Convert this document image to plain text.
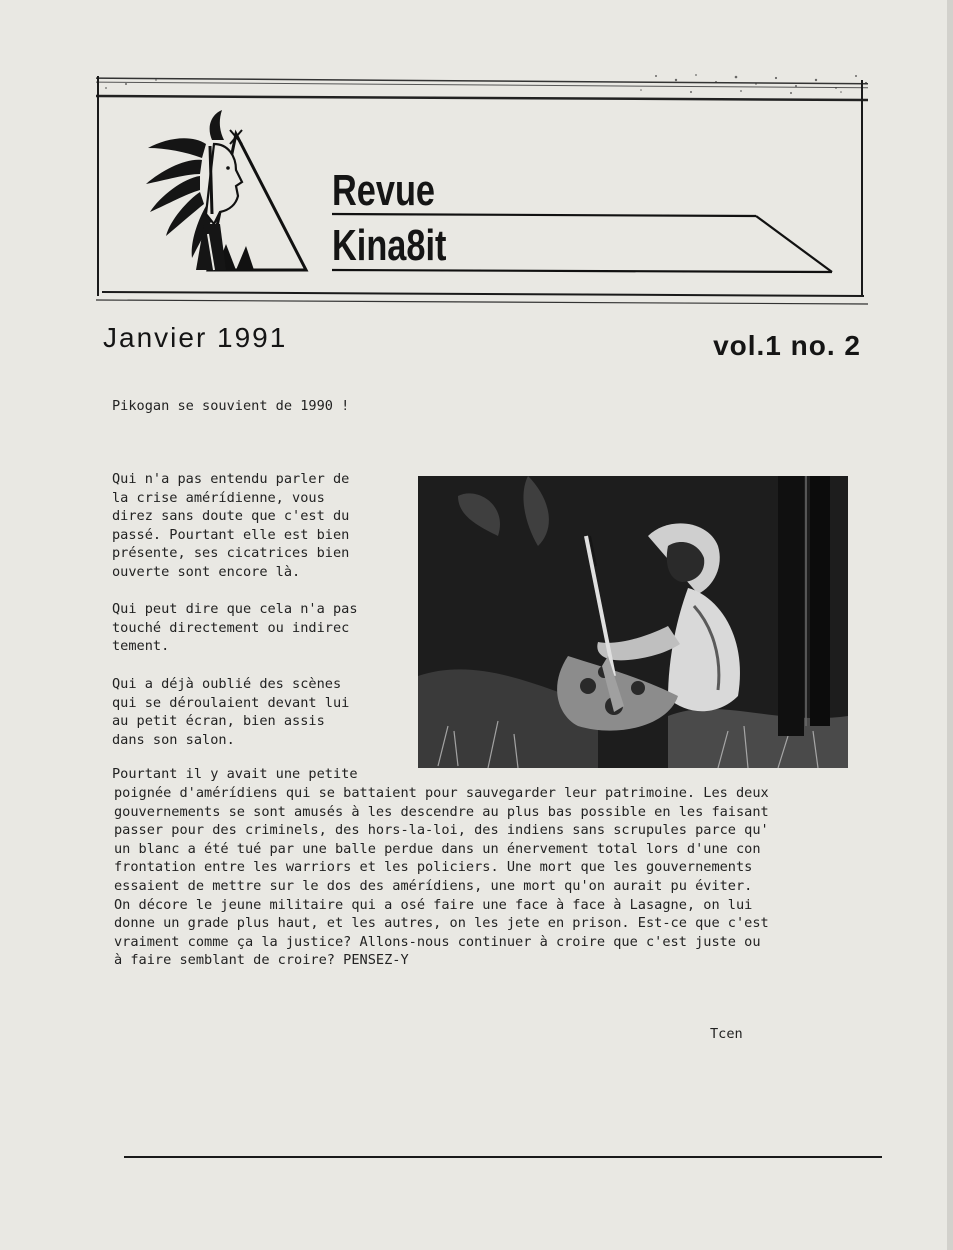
Revue

Kina8it

Janvier 1991	vol.1 no. 2

Pikogan se souvient de 1990 !

Qui n'a pas entendu parler de
la crise amérídienne, vous
direz sans doute que c'est du
passé. Pourtant elle est bien
présente, ses cicatrices bien
ouverte sont encore là.

Qui peut dire que cela n'a pas
touché directement ou indirec
tement.

Qui a déjà oublié des scènes
qui se déroulaient devant lui
au petit écran, bien assis
dans son salon.

Pourtant il y avait une petite

poignée d'amérídiens qui se battaient pour sauvegarder leur patrimoine. Les deux
gouvernements se sont amusés à les descendre au plus bas possible en les faisant
passer pour des criminels, des hors-la-loi, des indiens sans scrupules parce qu'
un blanc a été tué par une balle perdue dans un énervement total lors d'une con
frontation entre les warriors et les policiers. Une mort que les gouvernements
essaient de mettre sur le dos des amérídiens, une mort qu'on aurait pu éviter.
On décore le jeune militaire qui a osé faire une face à face à Lasagne, on lui
donne un grade plus haut, et les autres, on les jete en prison. Est-ce que c'est
vraiment comme ça la justice? Allons-nous continuer à croire que c'est juste ou
à faire semblant de croire? PENSEZ-Y

Tcen
